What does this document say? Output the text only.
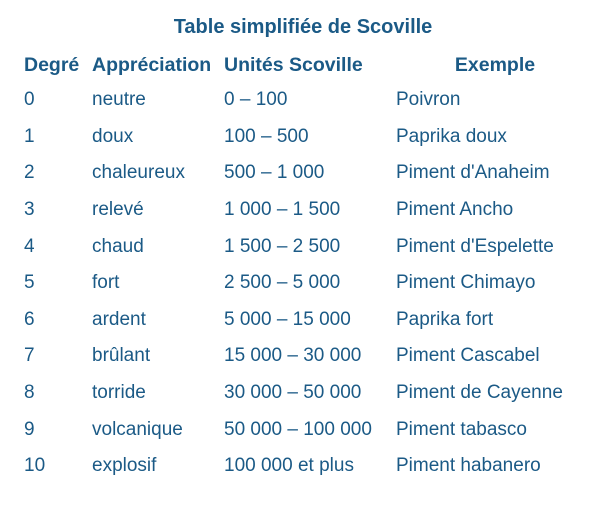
Table simplifiée de Scoville
Degré	Appréciation	Unités Scoville	Exemple
0	neutre	0 – 100	Poivron
1	doux	100 – 500	Paprika doux
2	chaleureux	500 – 1 000	Piment d'Anaheim
3	relevé	1 000 – 1 500	Piment Ancho
4	chaud	1 500 – 2 500	Piment d'Espelette
5	fort	2 500 – 5 000	Piment Chimayo
6	ardent	5 000 – 15 000	Paprika fort
7	brûlant	15 000 – 30 000	Piment Cascabel
8	torride	30 000 – 50 000	Piment de Cayenne
9	volcanique	50 000 – 100 000	Piment tabasco
10	explosif	100 000 et plus	Piment habanero
